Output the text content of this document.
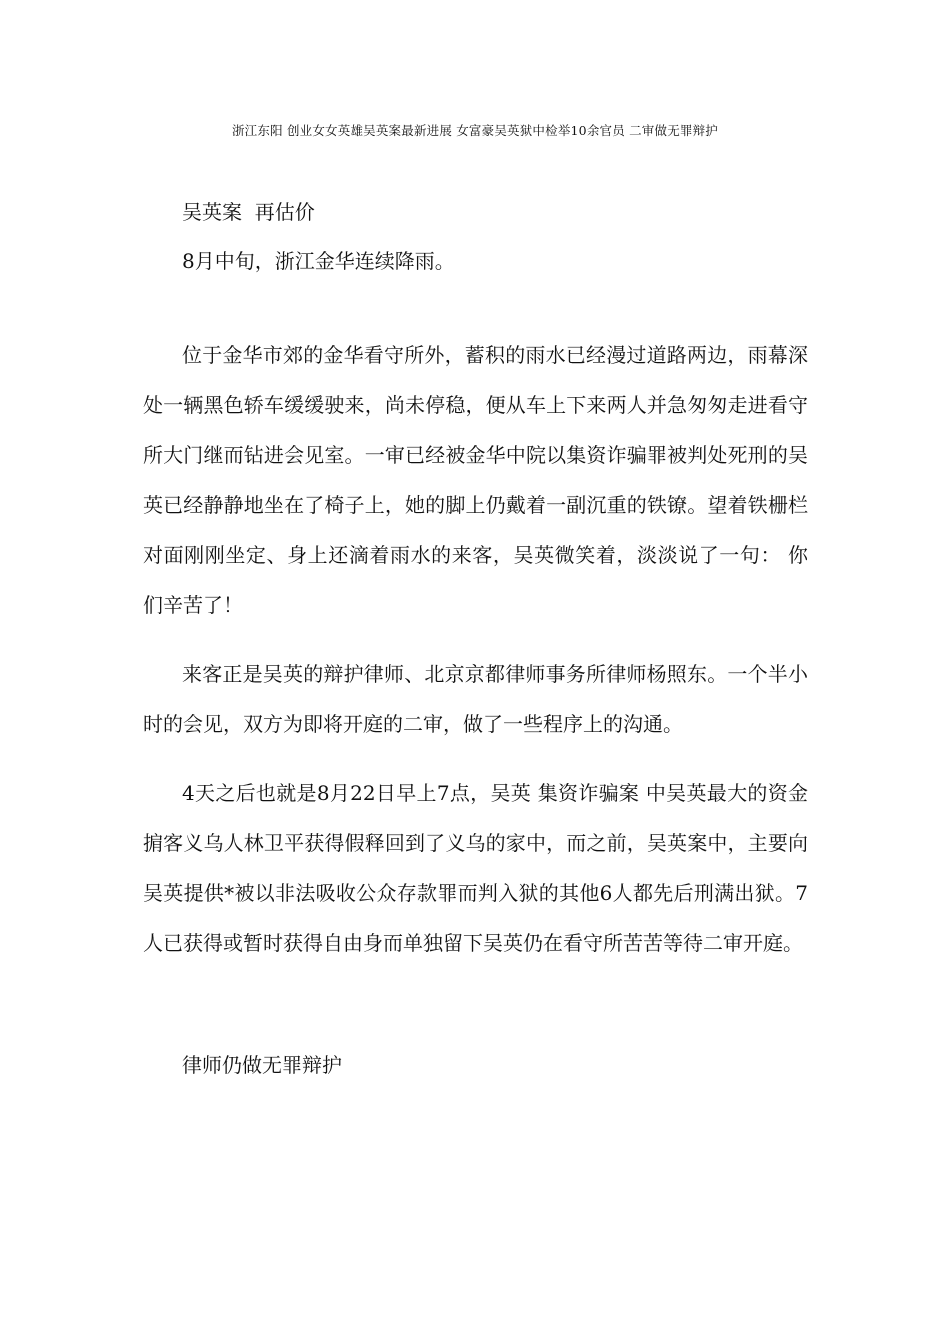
浙江东阳 创业女女英雄吴英案最新进展 女富豪吴英狱中检举10余官员 二审做无罪辩护
吴英案  再估价

8月中旬，浙江金华连续降雨。

位于金华市郊的金华看守所外，蓄积的雨水已经漫过道路两边，雨幕深处一辆黑色轿车缓缓驶来，尚未停稳，便从车上下来两人并急匆匆走进看守所大门继而钻进会见室。一审已经被金华中院以集资诈骗罪被判处死刑的吴英已经静静地坐在了椅子上，她的脚上仍戴着一副沉重的铁镣。望着铁栅栏对面刚刚坐定、身上还滴着雨水的来客，吴英微笑着，淡淡说了一句： 你们辛苦了！

来客正是吴英的辩护律师、北京京都律师事务所律师杨照东。一个半小时的会见，双方为即将开庭的二审，做了一些程序上的沟通。

4天之后也就是8月22日早上7点，吴英 集资诈骗案 中吴英最大的资金掮客义乌人林卫平获得假释回到了义乌的家中，而之前，吴英案中，主要向吴英提供*被以非法吸收公众存款罪而判入狱的其他6人都先后刑满出狱。7人已获得或暂时获得自由身而单独留下吴英仍在看守所苦苦等待二审开庭。

律师仍做无罪辩护
